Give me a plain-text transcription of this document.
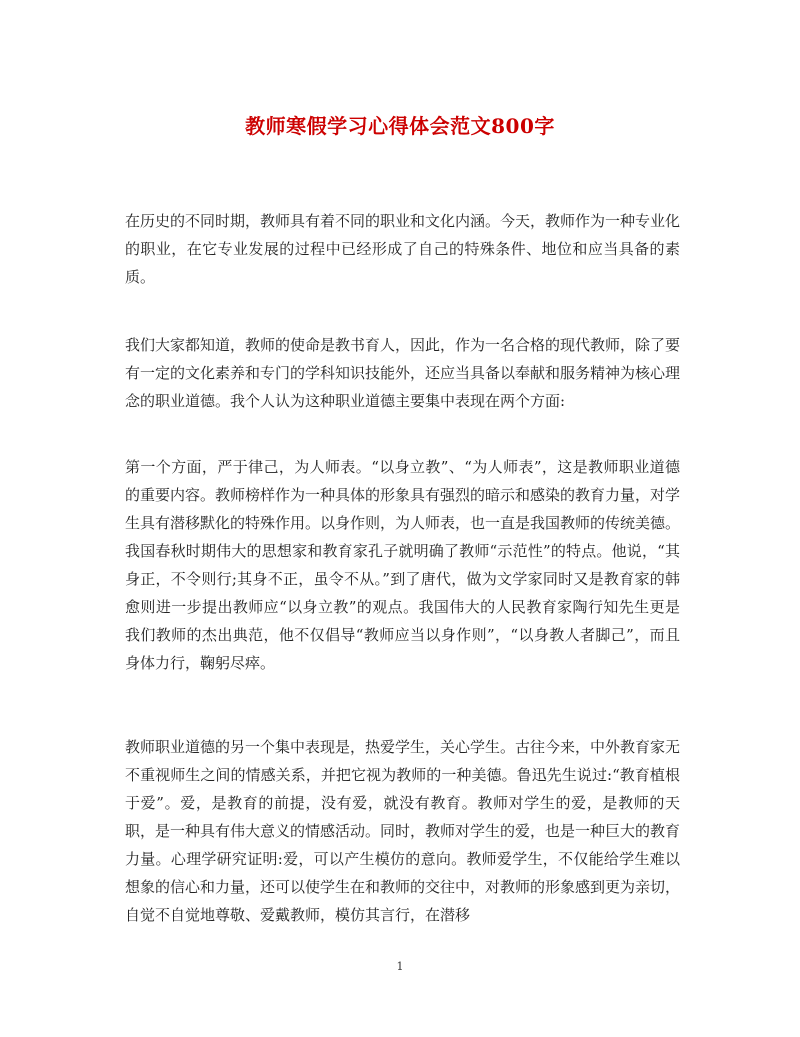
教师寒假学习心得体会范文800字

在历史的不同时期，教师具有着不同的职业和文化内涵。今天，教师作为一种专业化的职业，在它专业发展的过程中已经形成了自己的特殊条件、地位和应当具备的素质。

我们大家都知道，教师的使命是教书育人，因此，作为一名合格的现代教师，除了要有一定的文化素养和专门的学科知识技能外，还应当具备以奉献和服务精神为核心理念的职业道德。我个人认为这种职业道德主要集中表现在两个方面:

第一个方面，严于律己，为人师表。“以身立教”、“为人师表”，这是教师职业道德的重要内容。教师榜样作为一种具体的形象具有强烈的暗示和感染的教育力量，对学生具有潜移默化的特殊作用。以身作则，为人师表，也一直是我国教师的传统美德。我国春秋时期伟大的思想家和教育家孔子就明确了教师“示范性”的特点。他说，“其身正，不令则行;其身不正，虽令不从。”到了唐代，做为文学家同时又是教育家的韩愈则进一步提出教师应“以身立教”的观点。我国伟大的人民教育家陶行知先生更是我们教师的杰出典范，他不仅倡导“教师应当以身作则”，“以身教人者脚己”，而且身体力行，鞠躬尽瘁。

教师职业道德的另一个集中表现是，热爱学生，关心学生。古往今来，中外教育家无不重视师生之间的情感关系，并把它视为教师的一种美德。鲁迅先生说过:“教育植根于爱”。爱，是教育的前提，没有爱，就没有教育。教师对学生的爱，是教师的天职，是一种具有伟大意义的情感活动。同时，教师对学生的爱，也是一种巨大的教育力量。心理学研究证明:爱，可以产生模仿的意向。教师爱学生，不仅能给学生难以想象的信心和力量，还可以使学生在和教师的交往中，对教师的形象感到更为亲切，自觉不自觉地尊敬、爱戴教师，模仿其言行，在潜移

1
